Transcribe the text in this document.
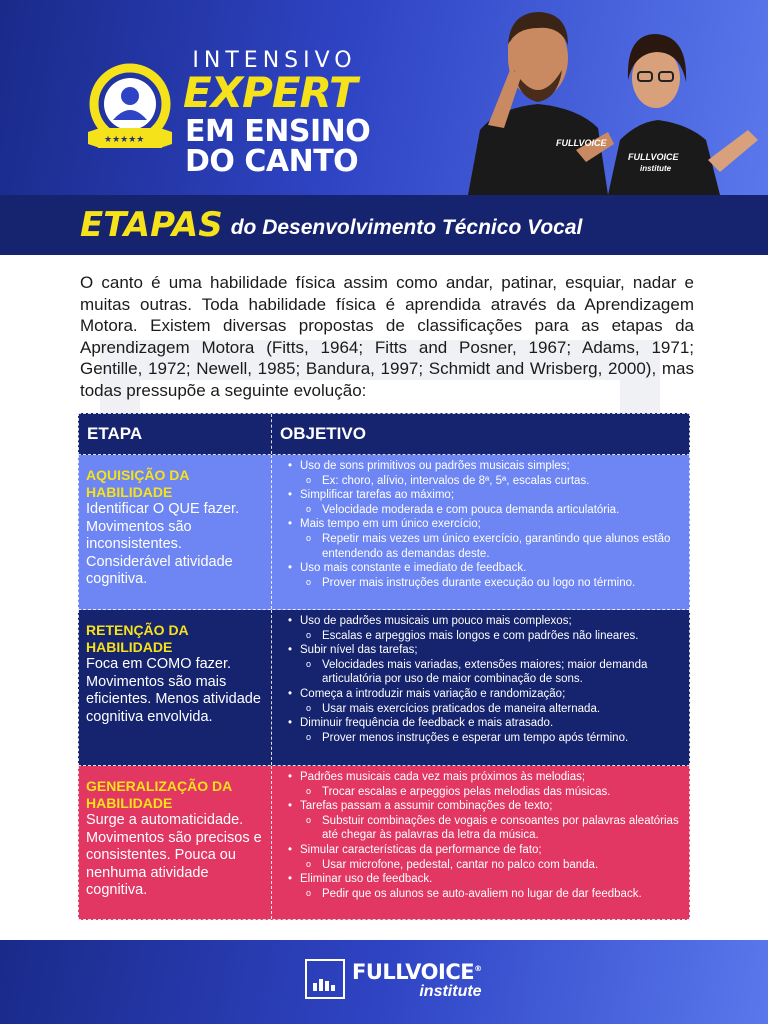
★★★★★
INTENSIVO
EXPERT
EM ENSINO
DO CANTO
FULLVOICE
FULLVOICE
institute
ETAPAS do Desenvolvimento Técnico Vocal

O canto é uma habilidade física assim como andar, patinar, esquiar, nadar e muitas outras. Toda habilidade física é aprendida através da Aprendizagem Motora. Existem diversas propostas de classificações para as etapas da Aprendizagem Motora (Fitts, 1964; Fitts and Posner, 1967; Adams, 1971; Gentille, 1972; Newell, 1985; Bandura, 1997; Schmidt and Wrisberg, 2000), mas todas pressupõe a seguinte evolução:

ETAPA	OBJETIVO
AQUISIÇÃO DA HABILIDADE
Identificar O QUE fazer. Movimentos são inconsistentes. Considerável atividade cognitiva.
• Uso de sons primitivos ou padrões musicais simples;
o Ex: choro, alívio, intervalos de 8ª, 5ª, escalas curtas.
• Simplificar tarefas ao máximo;
o Velocidade moderada e com pouca demanda articulatória.
• Mais tempo em um único exercício;
o Repetir mais vezes um único exercício, garantindo que alunos estão entendendo as demandas deste.
• Uso mais constante e imediato de feedback.
o Prover mais instruções durante execução ou logo no término.
RETENÇÃO DA HABILIDADE
Foca em COMO fazer. Movimentos são mais eficientes. Menos atividade cognitiva envolvida.
• Uso de padrões musicais um pouco mais complexos;
o Escalas e arpeggios mais longos e com padrões não lineares.
• Subir nível das tarefas;
o Velocidades mais variadas, extensões maiores; maior demanda articulatória por uso de maior combinação de sons.
• Começa a introduzir mais variação e randomização;
o Usar mais exercícios praticados de maneira alternada.
• Diminuir frequência de feedback e mais atrasado.
o Prover menos instruções e esperar um tempo após término.
GENERALIZAÇÃO DA HABILIDADE
Surge a automaticidade. Movimentos são precisos e consistentes. Pouca ou nenhuma atividade cognitiva.
• Padrões musicais cada vez mais próximos às melodias;
o Trocar escalas e arpeggios pelas melodias das músicas.
• Tarefas passam a assumir combinações de texto;
o Substuir combinações de vogais e consoantes por palavras aleatórias até chegar às palavras da letra da música.
• Simular características da performance de fato;
o Usar microfone, pedestal, cantar no palco com banda.
• Eliminar uso de feedback.
o Pedir que os alunos se auto-avaliem no lugar de dar feedback.
FULLVOICE®
institute
